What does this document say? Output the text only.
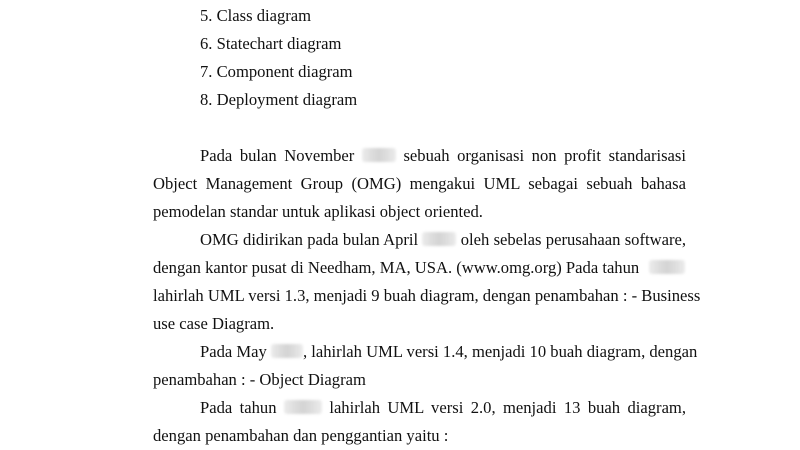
5. Class diagram
6. Statechart diagram
7. Component diagram
8. Deployment diagram
Pada bulan November	sebuah organisasi non profit standarisasi
Object Management Group (OMG) mengakui UML sebagai sebuah bahasa
pemodelan standar untuk aplikasi object oriented.
OMG didirikan pada bulan April	oleh sebelas perusahaan software,
dengan kantor pusat di Needham, MA, USA. (www.omg.org) Pada tahun
lahirlah UML versi 1.3, menjadi 9 buah diagram, dengan penambahan : - Business
use case Diagram.
Pada May , lahirlah UML versi 1.4, menjadi 10 buah diagram, dengan
penambahan : - Object Diagram
Pada tahun	lahirlah UML versi 2.0, menjadi 13 buah diagram,
dengan penambahan dan penggantian yaitu :
